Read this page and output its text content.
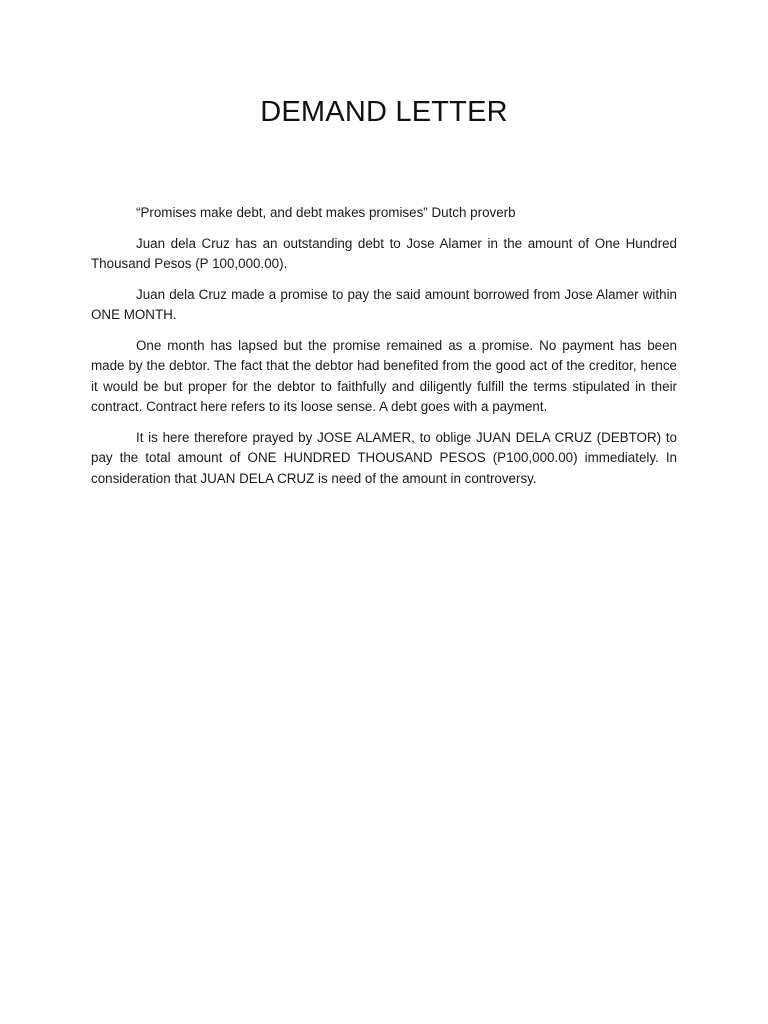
DEMAND LETTER

“Promises make debt, and debt makes promises” Dutch proverb

Juan dela Cruz has an outstanding debt to Jose Alamer in the amount of One Hundred Thousand Pesos (P 100,000.00).

Juan dela Cruz made a promise to pay the said amount borrowed from Jose Alamer within ONE MONTH.

One month has lapsed but the promise remained as a promise. No payment has been made by the debtor. The fact that the debtor had benefited from the good act of the creditor, hence it would be but proper for the debtor to faithfully and diligently fulfill the terms stipulated in their contract. Contract here refers to its loose sense. A debt goes with a payment.

It is here therefore prayed by JOSE ALAMER, to oblige JUAN DELA CRUZ (DEBTOR) to pay the total amount of ONE HUNDRED THOUSAND PESOS (P100,000.00) immediately. In consideration that JUAN DELA CRUZ is need of the amount in controversy.
